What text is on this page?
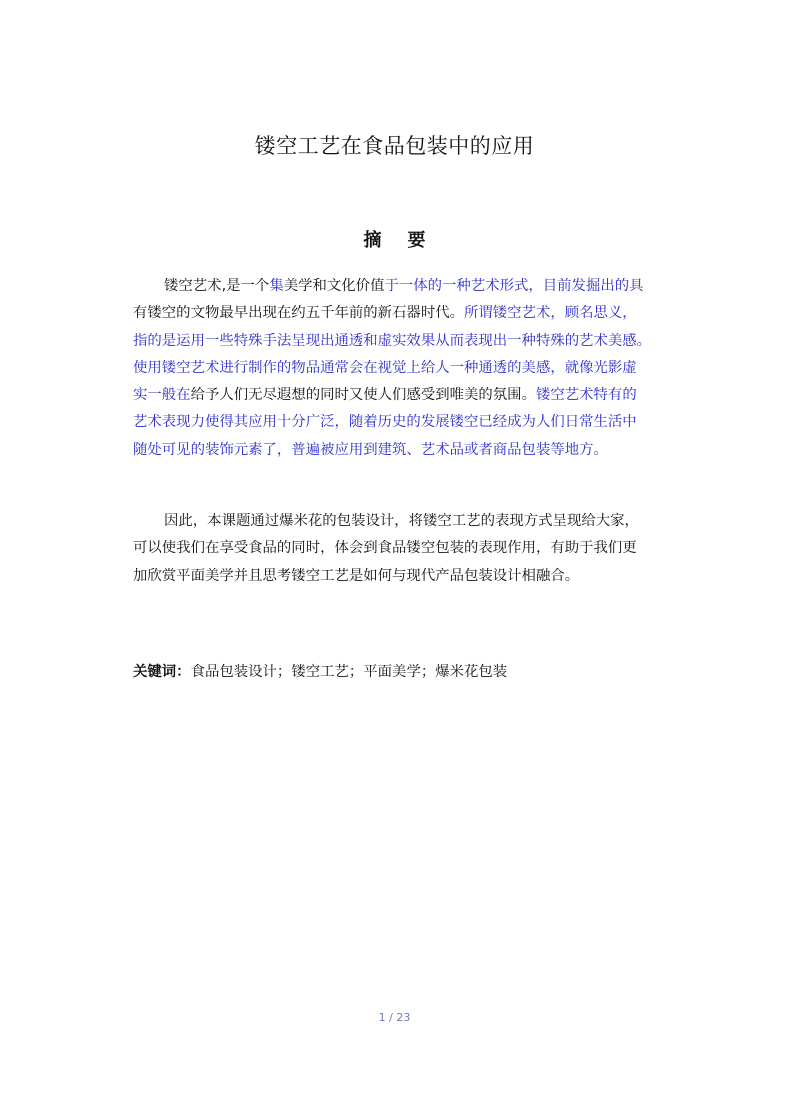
镂空工艺在食品包装中的应用
摘 要
镂空艺术,是一个集美学和文化价值于一体的一种艺术形式，目前发掘出的具
有镂空的文物最早出现在约五千年前的新石器时代。所谓镂空艺术，顾名思义，
指的是运用一些特殊手法呈现出通透和虚实效果从而表现出一种特殊的艺术美感。
使用镂空艺术进行制作的物品通常会在视觉上给人一种通透的美感，就像光影虚
实一般在给予人们无尽遐想的同时又使人们感受到唯美的氛围。镂空艺术特有的
艺术表现力使得其应用十分广泛，随着历史的发展镂空已经成为人们日常生活中
随处可见的装饰元素了，普遍被应用到建筑、艺术品或者商品包装等地方。
因此，本课题通过爆米花的包装设计，将镂空工艺的表现方式呈现给大家，
可以使我们在享受食品的同时，体会到食品镂空包装的表现作用，有助于我们更
加欣赏平面美学并且思考镂空工艺是如何与现代产品包装设计相融合。
关键词：食品包装设计；镂空工艺；平面美学；爆米花包装
1 / 23
